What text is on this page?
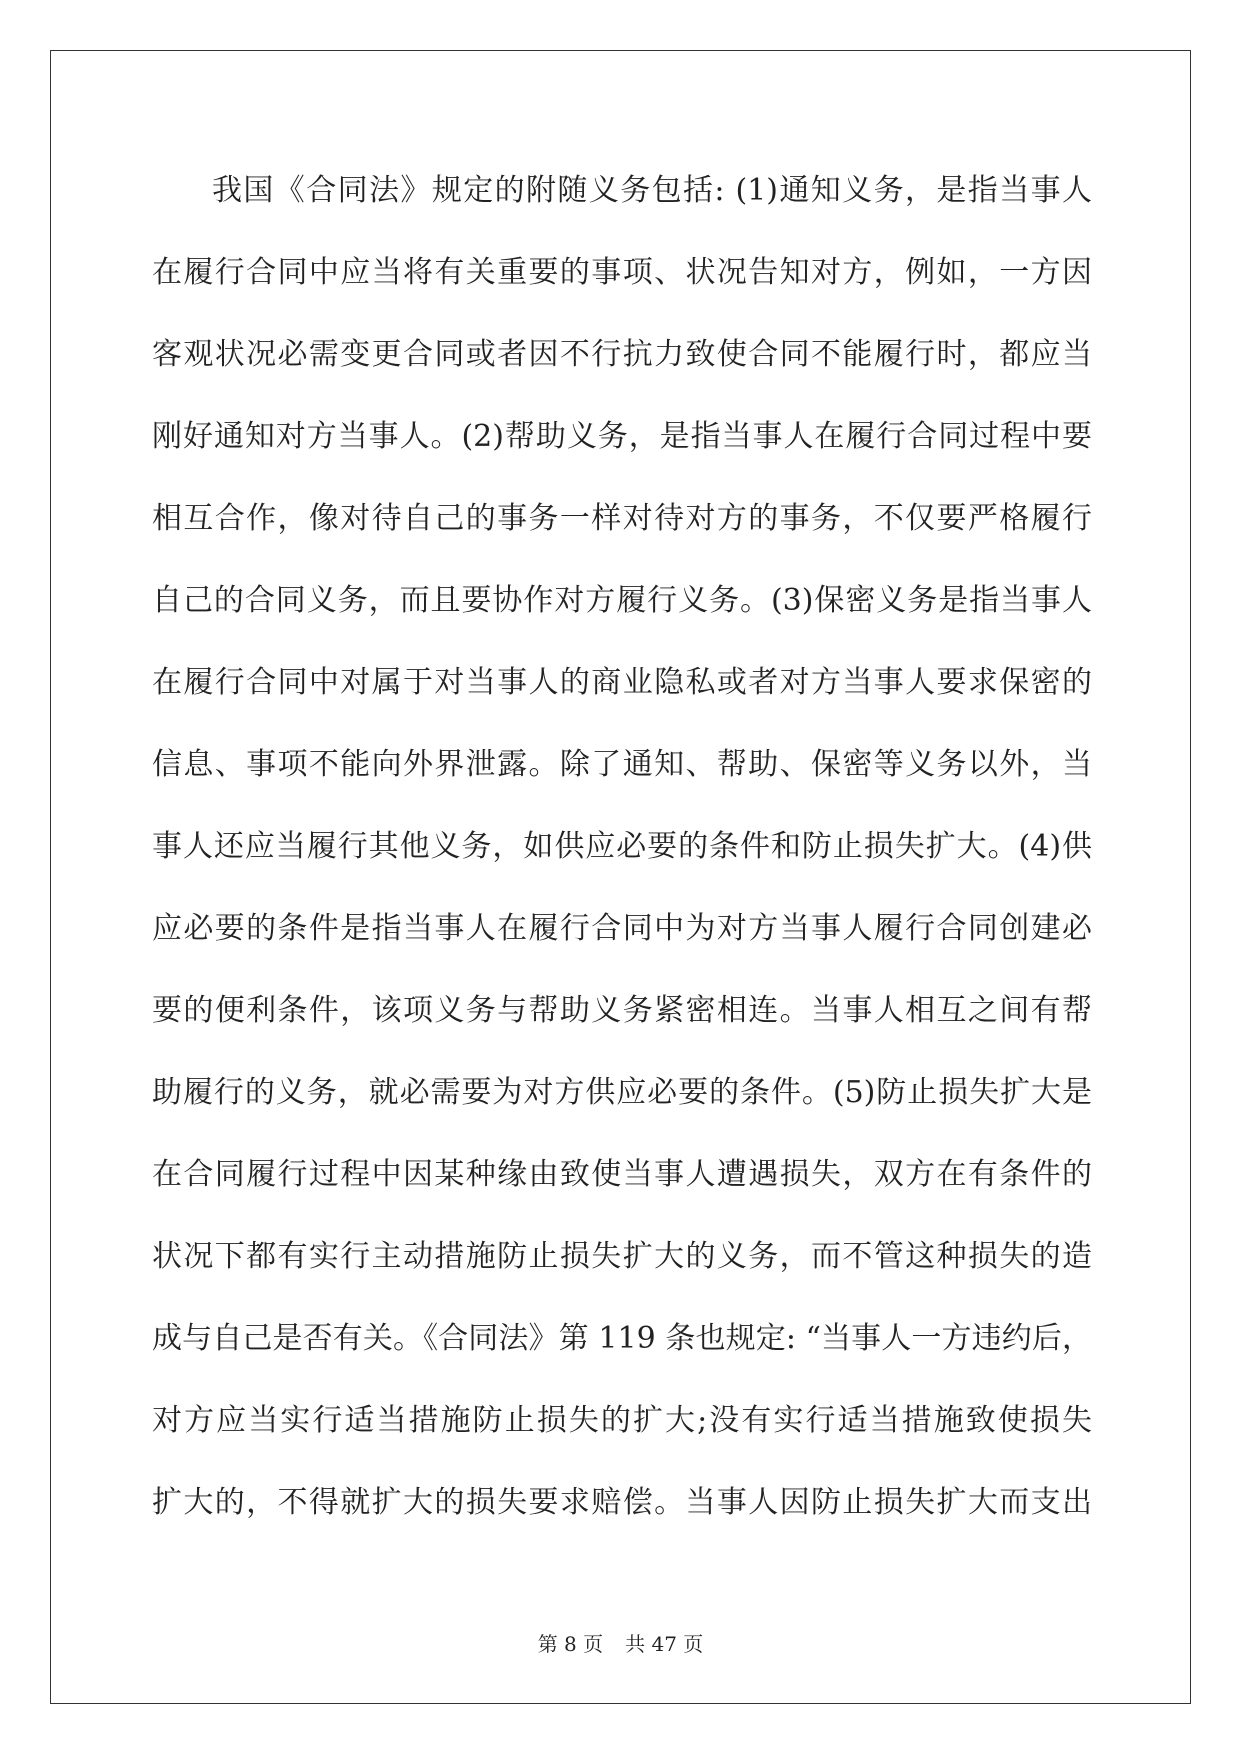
我国《合同法》规定的附随义务包括: (1)通知义务，是指当事人
在履行合同中应当将有关重要的事项、状况告知对方，例如，一方因
客观状况必需变更合同或者因不行抗力致使合同不能履行时，都应当
刚好通知对方当事人。(2)帮助义务，是指当事人在履行合同过程中要
相互合作，像对待自己的事务一样对待对方的事务，不仅要严格履行
自己的合同义务，而且要协作对方履行义务。(3)保密义务是指当事人
在履行合同中对属于对当事人的商业隐私或者对方当事人要求保密的
信息、事项不能向外界泄露。除了通知、帮助、保密等义务以外，当
事人还应当履行其他义务，如供应必要的条件和防止损失扩大。(4)供
应必要的条件是指当事人在履行合同中为对方当事人履行合同创建必
要的便利条件，该项义务与帮助义务紧密相连。当事人相互之间有帮
助履行的义务，就必需要为对方供应必要的条件。(5)防止损失扩大是
在合同履行过程中因某种缘由致使当事人遭遇损失，双方在有条件的
状况下都有实行主动措施防止损失扩大的义务，而不管这种损失的造
成与自己是否有关。《合同法》第 119 条也规定: “当事人一方违约后，
对方应当实行适当措施防止损失的扩大;没有实行适当措施致使损失
扩大的，不得就扩大的损失要求赔偿。当事人因防止损失扩大而支出
第 8 页 共 47 页
